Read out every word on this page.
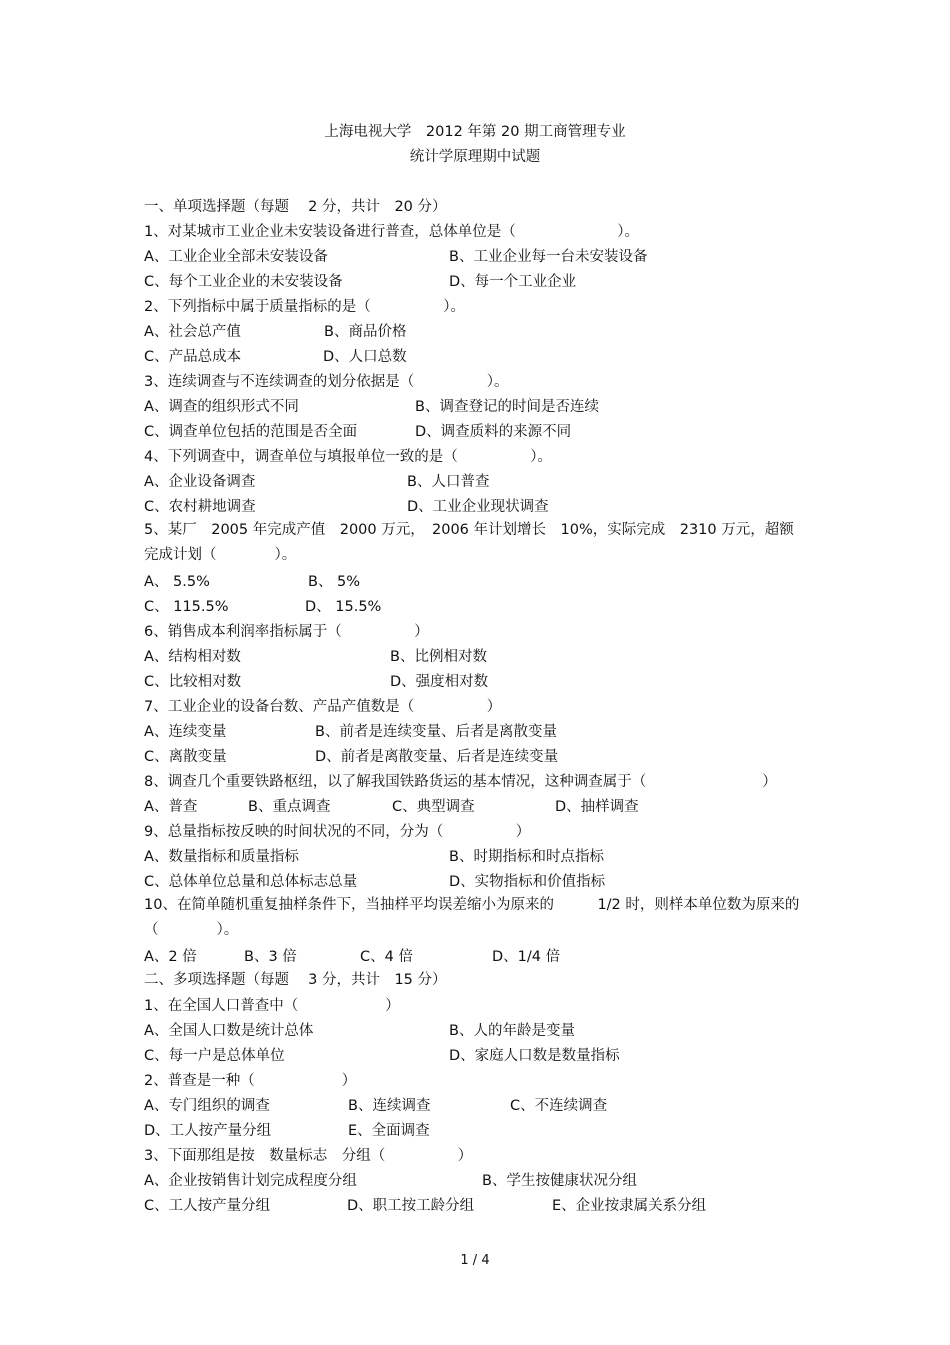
上海电视大学　2012 年第 20 期工商管理专业
统计学原理期中试题
一、单项选择题（每题　 2 分，共计　20 分）
1、对某城市工业企业未安装设备进行普查，总体单位是（　　　　　　　）。
A、工业企业全部未安装设备	B、工业企业每一台未安装设备
C、每个工业企业的未安装设备	D、每一个工业企业
2、下列指标中属于质量指标的是（　　　　　）。
A、社会总产值	B、商品价格
C、产品总成本	D、人口总数
3、连续调查与不连续调查的划分依据是（　　　　　）。
A、调查的组织形式不同	B、调查登记的时间是否连续
C、调查单位包括的范围是否全面	D、调查质料的来源不同
4、下列调查中，调查单位与填报单位一致的是（　　　　　）。
A、企业设备调查	B、人口普查
C、农村耕地调查	D、工业企业现状调查
5、某厂　2005 年完成产值　2000 万元，　2006 年计划增长　10%，实际完成　2310 万元，超额完成计划（　　　　）。
A、 5.5%	B、 5%
C、 115.5%	D、 15.5%
6、销售成本利润率指标属于（　　　　　）
A、结构相对数	B、比例相对数
C、比较相对数	D、强度相对数
7、工业企业的设备台数、产品产值数是（　　　　　）
A、连续变量	B、前者是连续变量、后者是离散变量
C、离散变量	D、前者是离散变量、后者是连续变量
8、调查几个重要铁路枢纽，以了解我国铁路货运的基本情况，这种调查属于（　　　　　　　　）
A、普查	B、重点调查	C、典型调查	D、抽样调查
9、总量指标按反映的时间状况的不同，分为（　　　　　）
A、数量指标和质量指标	B、时期指标和时点指标
C、总体单位总量和总体标志总量	D、实物指标和价值指标
10、在简单随机重复抽样条件下，当抽样平均误差缩小为原来的　　　1/2 时，则样本单位数为原来的（　　　　）。
A、2 倍	B、3 倍	C、4 倍	D、1/4 倍
二、多项选择题（每题　 3 分，共计　15 分）
1、在全国人口普查中（　　　　　　）
A、全国人口数是统计总体	B、人的年龄是变量
C、每一户是总体单位	D、家庭人口数是数量指标
2、普查是一种（　　　　　　）
A、专门组织的调查	B、连续调查	C、不连续调查
D、工人按产量分组	E、全面调查
3、下面那组是按　数量标志　分组（　　　　　）
A、企业按销售计划完成程度分组	B、学生按健康状况分组
C、工人按产量分组	D、职工按工龄分组	E、企业按隶属关系分组
1 / 4
